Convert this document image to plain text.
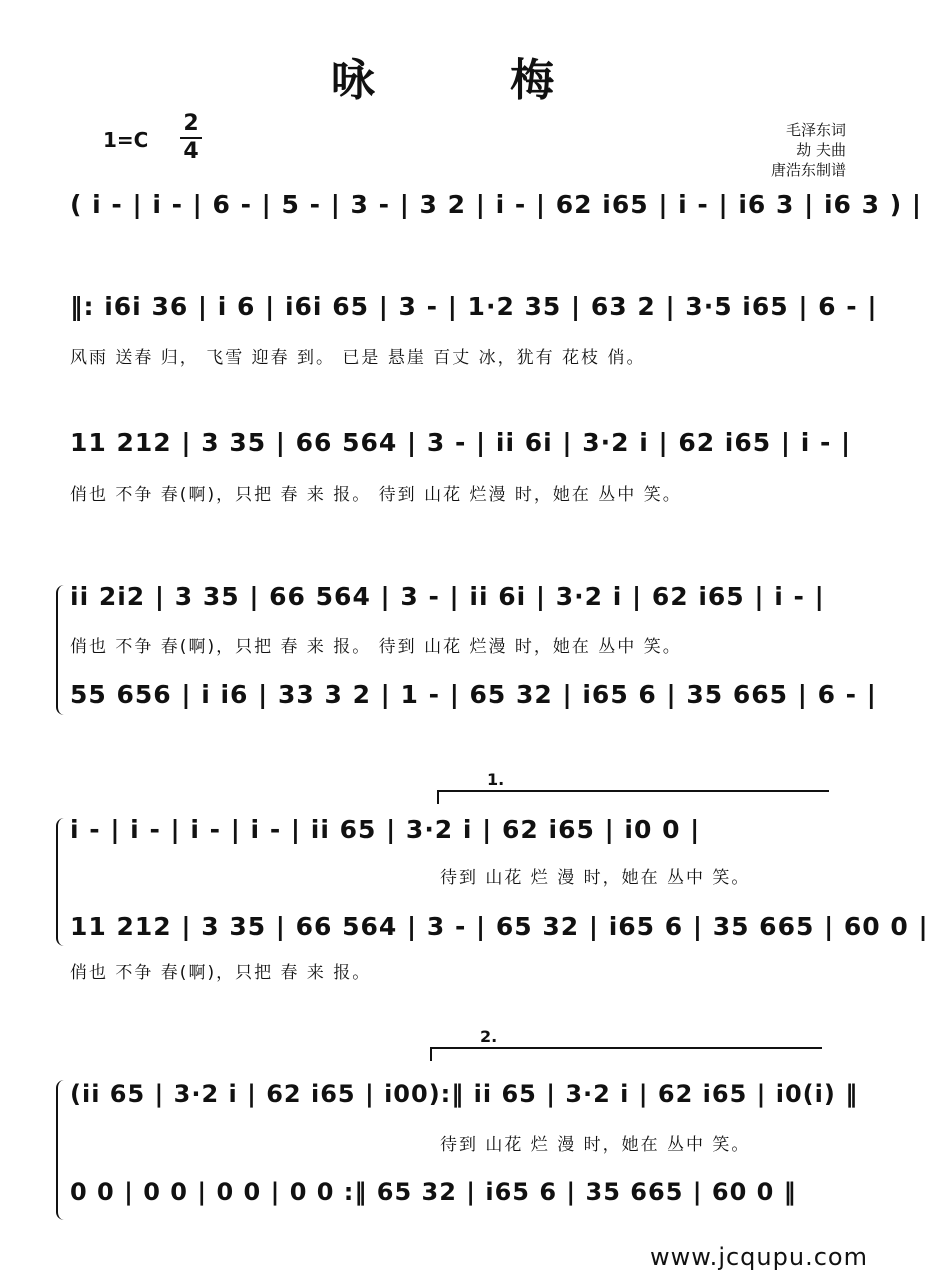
咏 梅
1=C
2
4
毛泽东词
劫 夫曲
唐浩东制谱
( i - | i - | 6 - | 5 - | 3 - | 3 2 | i - | 62 i65 | i - | i6 3 | i6 3 ) |
‖: i6i 36 | i 6 | i6i 65 | 3 - | 1·2 35 | 63 2 | 3·5 i65 | 6 - |
风雨 送春 归， 飞雪 迎春 到。 已是 悬崖 百丈 冰，犹有 花枝 俏。
11 212 | 3 35 | 66 564 | 3 - | ii 6i | 3·2 i | 62 i65 | i - |
俏也 不争 春(啊)，只把 春 来 报。 待到 山花 烂漫 时，她在 丛中 笑。
ii 2i2 | 3 35 | 66 564 | 3 - | ii 6i | 3·2 i | 62 i65 | i - |
俏也 不争 春(啊)，只把 春 来 报。 待到 山花 烂漫 时，她在 丛中 笑。
55 656 | i i6 | 33 3 2 | 1 - | 65 32 | i65 6 | 35 665 | 6 - |
1.
i - | i - | i - | i - | ii 65 | 3·2 i | 62 i65 | i0 0 |
待到 山花 烂 漫 时，她在 丛中 笑。
11 212 | 3 35 | 66 564 | 3 - | 65 32 | i65 6 | 35 665 | 60 0 |
俏也 不争 春(啊)，只把 春 来 报。
2.
(ii 65 | 3·2 i | 62 i65 | i00):‖ ii 65 | 3·2 i | 62 i65 | i0(i) ‖
待到 山花 烂 漫 时，她在 丛中 笑。
0 0 | 0 0 | 0 0 | 0 0 :‖ 65 32 | i65 6 | 35 665 | 60 0 ‖
www.jcqupu.com
